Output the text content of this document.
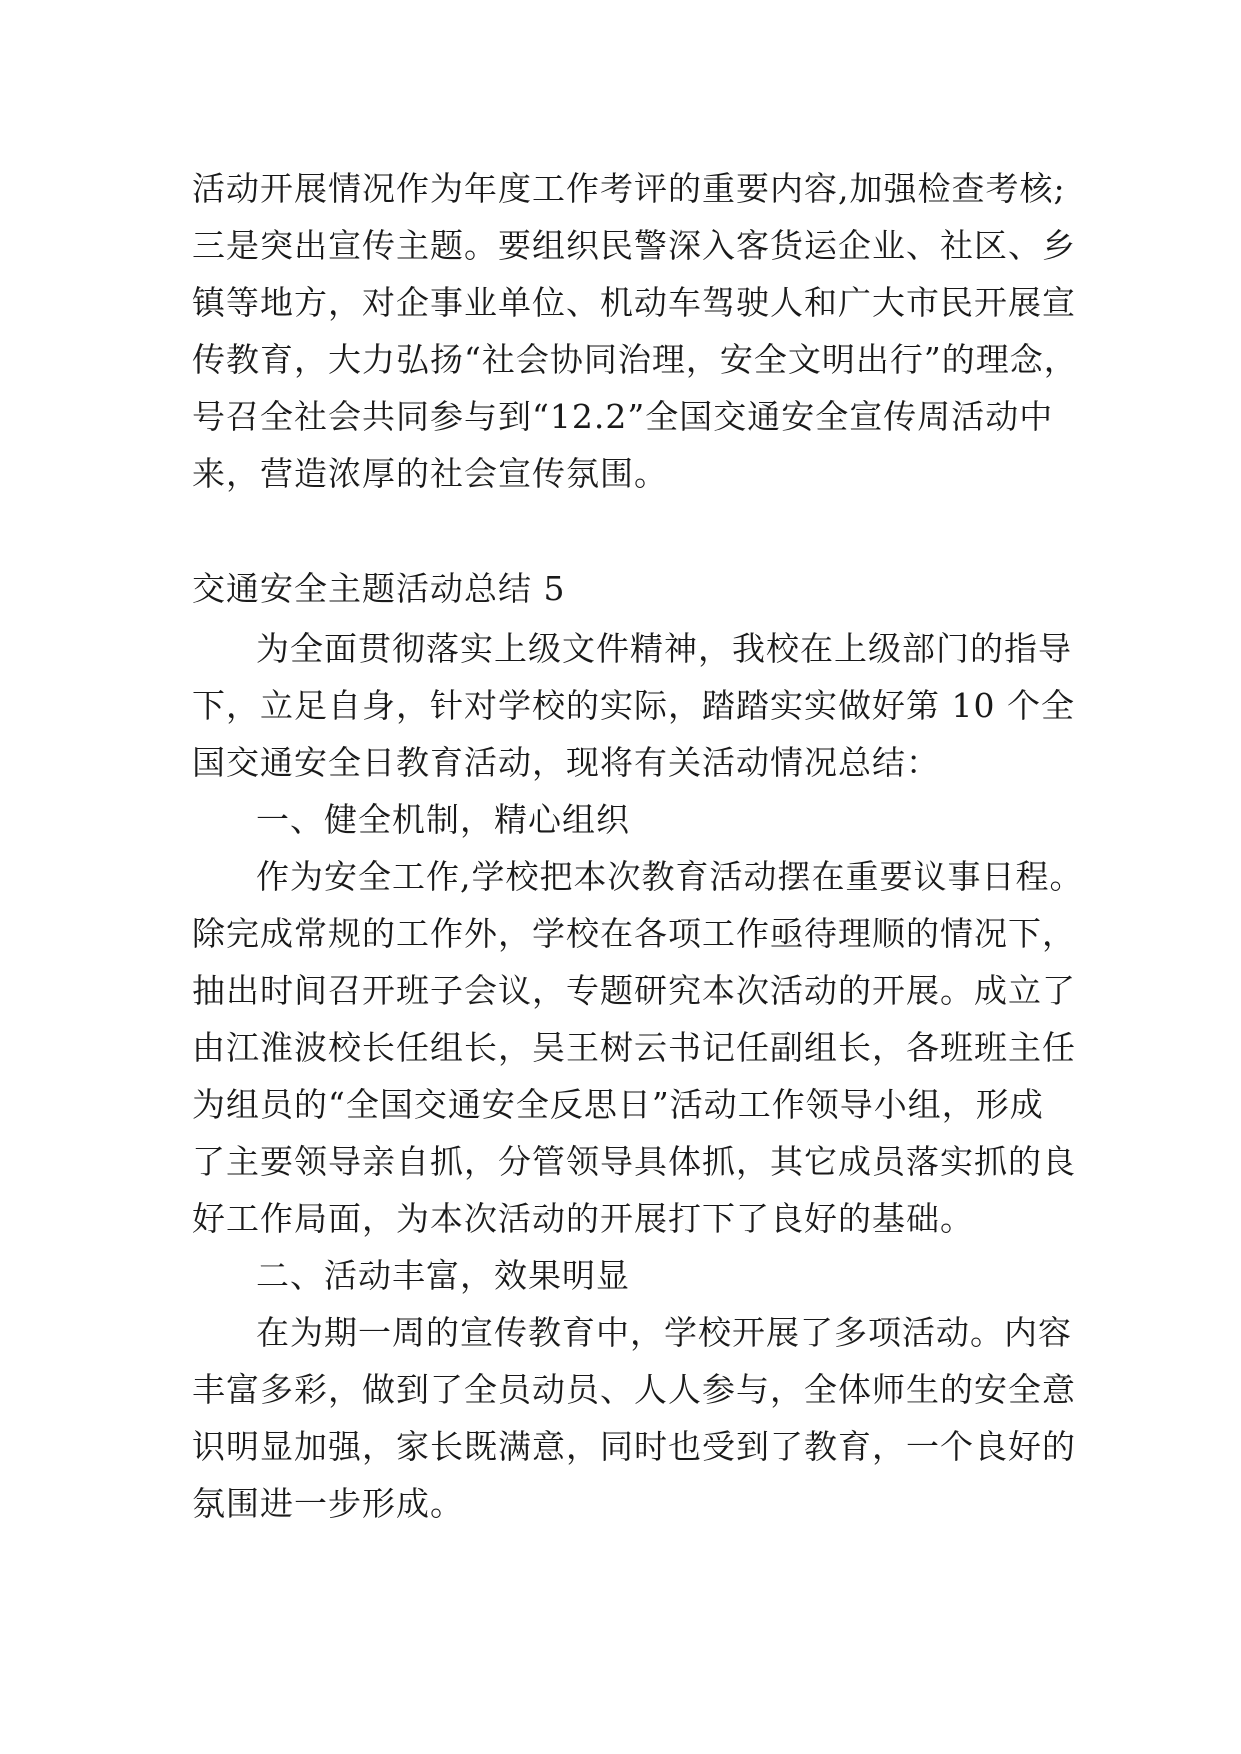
活动开展情况作为年度工作考评的重要内容,加强检查考核;
三是突出宣传主题。要组织民警深入客货运企业、社区、乡
镇等地方，对企事业单位、机动车驾驶人和广大市民开展宣
传教育，大力弘扬“社会协同治理，安全文明出行”的理念，
号召全社会共同参与到“12.2”全国交通安全宣传周活动中
来，营造浓厚的社会宣传氛围。
交通安全主题活动总结 5
为全面贯彻落实上级文件精神，我校在上级部门的指导
下，立足自身，针对学校的实际，踏踏实实做好第 10 个全
国交通安全日教育活动，现将有关活动情况总结：
一、健全机制，精心组织
作为安全工作,学校把本次教育活动摆在重要议事日程。
除完成常规的工作外，学校在各项工作亟待理顺的情况下，
抽出时间召开班子会议，专题研究本次活动的开展。成立了
由江淮波校长任组长，吴王树云书记任副组长，各班班主任
为组员的“全国交通安全反思日”活动工作领导小组，形成
了主要领导亲自抓，分管领导具体抓，其它成员落实抓的良
好工作局面，为本次活动的开展打下了良好的基础。
二、活动丰富，效果明显
在为期一周的宣传教育中，学校开展了多项活动。内容
丰富多彩，做到了全员动员、人人参与，全体师生的安全意
识明显加强，家长既满意，同时也受到了教育，一个良好的
氛围进一步形成。
